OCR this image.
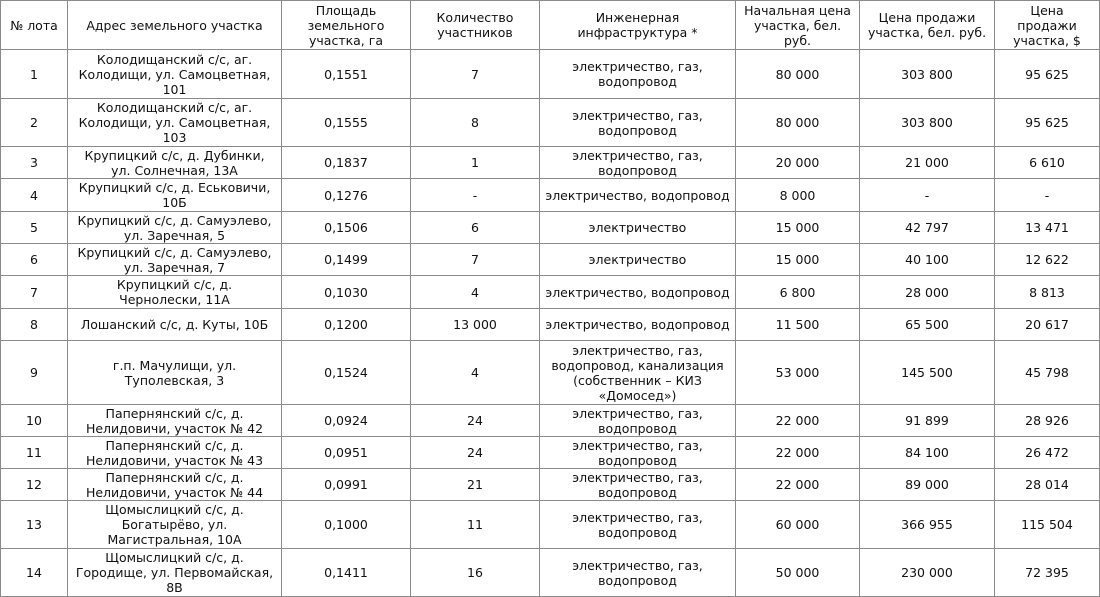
№ лота	Адрес земельного участка	Площадь земельного участка, га	Количество участников	Инженерная инфраструктура *	Начальная цена участка, бел. руб.	Цена продажи участка, бел. руб.	Цена продажи участка, $
1	Колодищанский с/с, аг. Колодищи, ул. Самоцветная, 101	0,1551	7	электричество, газ, водопровод	80 000	303 800	95 625
2	Колодищанский с/с, аг. Колодищи, ул. Самоцветная, 103	0,1555	8	электричество, газ, водопровод	80 000	303 800	95 625
3	Крупицкий с/с, д. Дубинки, ул. Солнечная, 13А	0,1837	1	электричество, газ, водопровод	20 000	21 000	6 610
4	Крупицкий с/с, д. Еськовичи, 10Б	0,1276	-	электричество, водопровод	8 000	-	-
5	Крупицкий с/с, д. Самуэлево, ул. Заречная, 5	0,1506	6	электричество	15 000	42 797	13 471
6	Крупицкий с/с, д. Самуэлево, ул. Заречная, 7	0,1499	7	электричество	15 000	40 100	12 622
7	Крупицкий с/с, д. Чернолески, 11А	0,1030	4	электричество, водопровод	6 800	28 000	8 813
8	Лошанский с/с, д. Куты, 10Б	0,1200	13 000	электричество, водопровод	11 500	65 500	20 617
9	г.п. Мачулищи, ул. Туполевская, 3	0,1524	4	электричество, газ, водопровод, канализация (собственник – КИЗ «Домосед»)	53 000	145 500	45 798
10	Папернянский с/с, д. Нелидовичи, участок № 42	0,0924	24	электричество, газ, водопровод	22 000	91 899	28 926
11	Папернянский с/с, д. Нелидовичи, участок № 43	0,0951	24	электричество, газ, водопровод	22 000	84 100	26 472
12	Папернянский с/с, д. Нелидовичи, участок № 44	0,0991	21	электричество, газ, водопровод	22 000	89 000	28 014
13	Щомыслицкий с/с, д. Богатырёво, ул. Магистральная, 10А	0,1000	11	электричество, газ, водопровод	60 000	366 955	115 504
14	Щомыслицкий с/с, д. Городище, ул. Первомайская, 8В	0,1411	16	электричество, газ, водопровод	50 000	230 000	72 395
